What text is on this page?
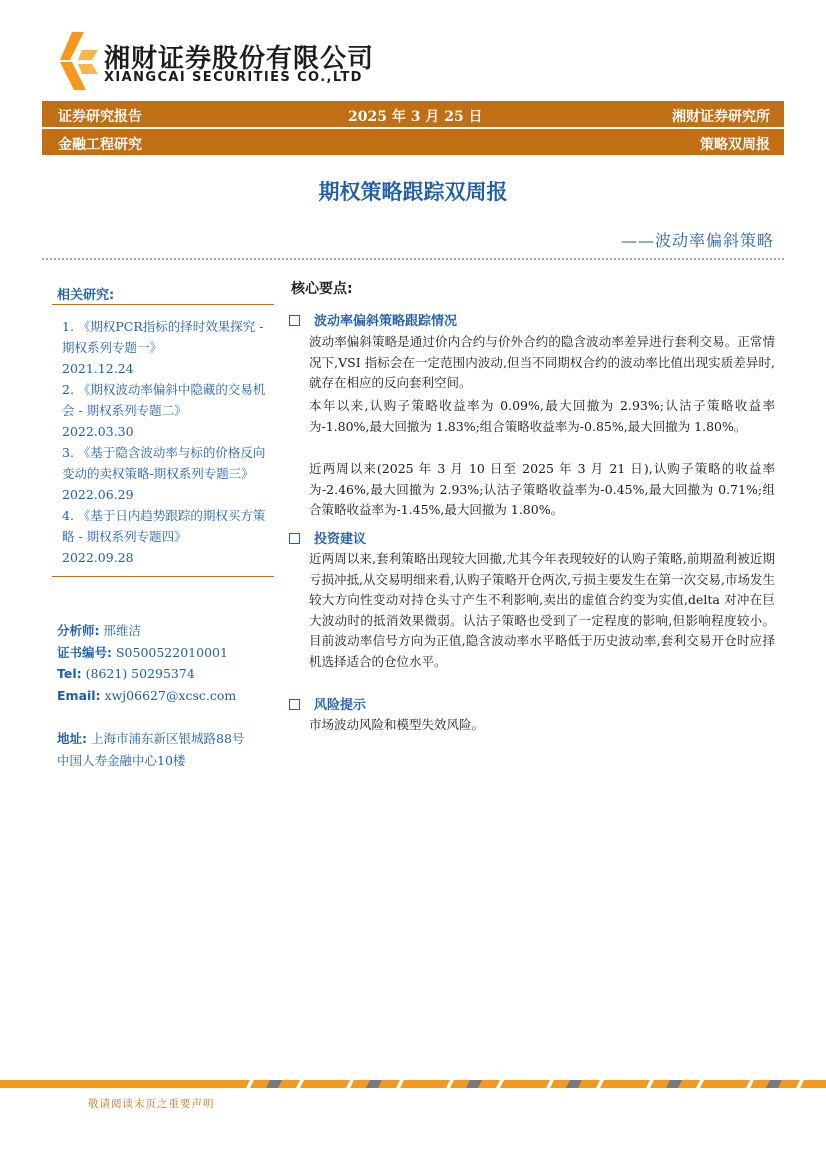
湘财证券股份有限公司
XIANGCAI SECURITIES CO.,LTD
证券研究报告	2025 年 3 月 25 日	湘财证券研究所
金融工程研究	策略双周报
期权策略跟踪双周报
——波动率偏斜策略
相关研究:
1. 《期权PCR指标的择时效果探究 - 期权系列专题一》
2021.12.24
2. 《期权波动率偏斜中隐藏的交易机会 - 期权系列专题二》
2022.03.30
3. 《基于隐含波动率与标的价格反向变动的卖权策略-期权系列专题三》
2022.06.29
4. 《基于日内趋势跟踪的期权买方策略 - 期权系列专题四》
2022.09.28
分析师: 邢维洁
证书编号: S0500522010001
Tel: (8621) 50295374
Email: xwj06627@xcsc.com
地址: 上海市浦东新区银城路88号
中国人寿金融中心10楼
核心要点:
波动率偏斜策略跟踪情况

波动率偏斜策略是通过价内合约与价外合约的隐含波动率差异进行套利交易。正常情况下,VSI 指标会在一定范围内波动,但当不同期权合约的波动率比值出现实质差异时,就存在相应的反向套利空间。

本年以来,认购子策略收益率为 0.09%,最大回撤为 2.93%;认沽子策略收益率为-1.80%,最大回撤为 1.83%;组合策略收益率为-0.85%,最大回撤为 1.80%。

近两周以来(2025 年 3 月 10 日至 2025 年 3 月 21 日),认购子策略的收益率为-2.46%,最大回撤为 2.93%;认沽子策略收益率为-0.45%,最大回撤为 0.71%;组合策略收益率为-1.45%,最大回撤为 1.80%。

投资建议

近两周以来,套利策略出现较大回撤,尤其今年表现较好的认购子策略,前期盈利被近期亏损冲抵,从交易明细来看,认购子策略开仓两次,亏损主要发生在第一次交易,市场发生较大方向性变动对持仓头寸产生不利影响,卖出的虚值合约变为实值,delta 对冲在巨大波动时的抵消效果微弱。认沽子策略也受到了一定程度的影响,但影响程度较小。目前波动率信号方向为正值,隐含波动率水平略低于历史波动率,套利交易开仓时应择机选择适合的仓位水平。

风险提示

市场波动风险和模型失效风险。

敬请阅读末页之重要声明
